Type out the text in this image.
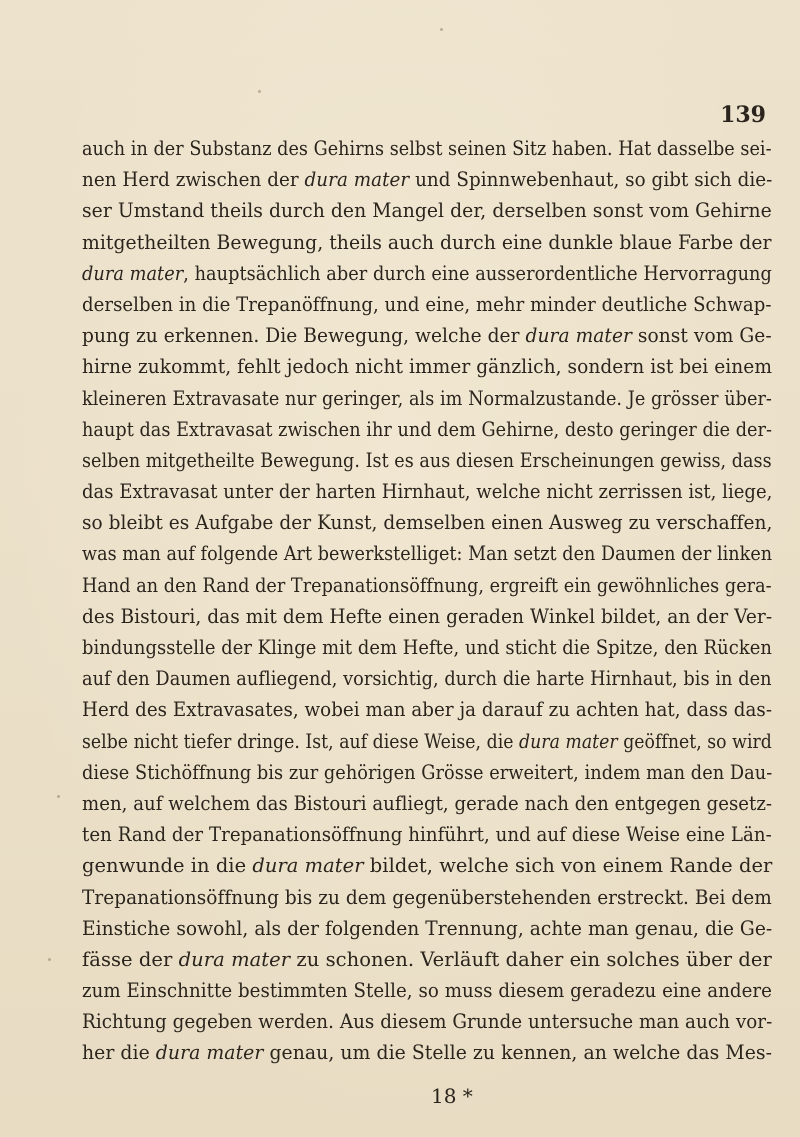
139
auch in der Substanz des Gehirns selbst seinen Sitz haben. Hat dasselbe sei-
nen Herd zwischen der dura mater und Spinnwebenhaut, so gibt sich die-
ser Umstand theils durch den Mangel der, derselben sonst vom Gehirne
mitgetheilten Bewegung, theils auch durch eine dunkle blaue Farbe der
dura mater, hauptsächlich aber durch eine ausserordentliche Hervorragung
derselben in die Trepanöffnung, und eine, mehr minder deutliche Schwap-
pung zu erkennen. Die Bewegung, welche der dura mater sonst vom Ge-
hirne zukommt, fehlt jedoch nicht immer gänzlich, sondern ist bei einem
kleineren Extravasate nur geringer, als im Normalzustande. Je grösser über-
haupt das Extravasat zwischen ihr und dem Gehirne, desto geringer die der-
selben mitgetheilte Bewegung. Ist es aus diesen Erscheinungen gewiss, dass
das Extravasat unter der harten Hirnhaut, welche nicht zerrissen ist, liege,
so bleibt es Aufgabe der Kunst, demselben einen Ausweg zu verschaffen,
was man auf folgende Art bewerkstelliget: Man setzt den Daumen der linken
Hand an den Rand der Trepanationsöffnung, ergreift ein gewöhnliches gera-
des Bistouri, das mit dem Hefte einen geraden Winkel bildet, an der Ver-
bindungsstelle der Klinge mit dem Hefte, und sticht die Spitze, den Rücken
auf den Daumen aufliegend, vorsichtig, durch die harte Hirnhaut, bis in den
Herd des Extravasates, wobei man aber ja darauf zu achten hat, dass das-
selbe nicht tiefer dringe. Ist, auf diese Weise, die dura mater geöffnet, so wird
diese Stichöffnung bis zur gehörigen Grösse erweitert, indem man den Dau-
men, auf welchem das Bistouri aufliegt, gerade nach den entgegen gesetz-
ten Rand der Trepanationsöffnung hinführt, und auf diese Weise eine Län-
genwunde in die dura mater bildet, welche sich von einem Rande der
Trepanationsöffnung bis zu dem gegenüberstehenden erstreckt. Bei dem
Einstiche sowohl, als der folgenden Trennung, achte man genau, die Ge-
fässe der dura mater zu schonen. Verläuft daher ein solches über der
zum Einschnitte bestimmten Stelle, so muss diesem geradezu eine andere
Richtung gegeben werden. Aus diesem Grunde untersuche man auch vor-
her die dura mater genau, um die Stelle zu kennen, an welche das Mes-
18 *
